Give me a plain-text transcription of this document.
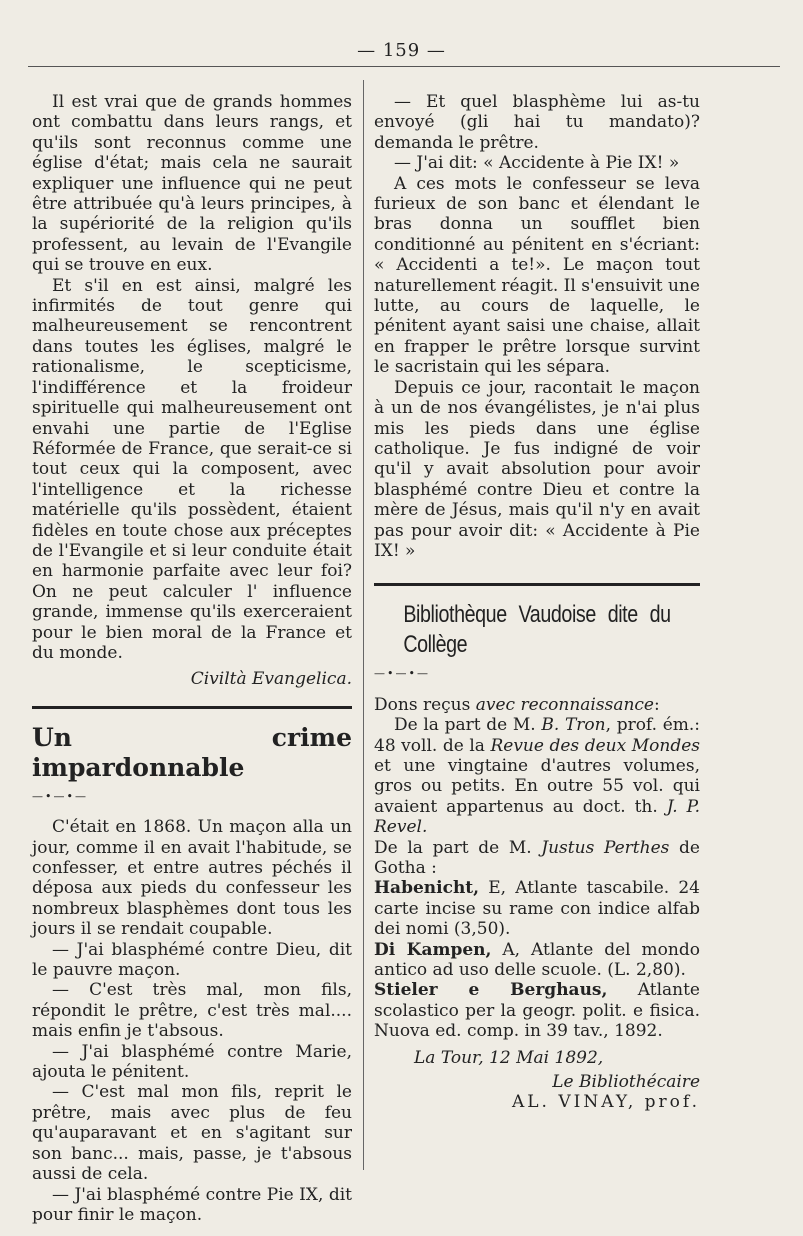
— 159 —

Il est vrai que de grands hommes ont combattu dans leurs rangs, et qu'ils sont reconnus comme une église d'état; mais cela ne saurait expliquer une influence qui ne peut être attribuée qu'à leurs principes, à la supériorité de la religion qu'ils professent, au levain de l'Evangile qui se trouve en eux.

Et s'il en est ainsi, malgré les infirmités de tout genre qui malheureusement se rencontrent dans toutes les églises, malgré le rationalisme, le scepticisme, l'indifférence et la froideur spirituelle qui malheureusement ont envahi une partie de l'Eglise Réformée de France, que serait-ce si tout ceux qui la composent, avec l'intelligence et la richesse matérielle qu'ils possèdent, étaient fidèles en toute chose aux préceptes de l'Evangile et si leur conduite était en harmonie parfaite avec leur foi? On ne peut calculer l' influence grande, immense qu'ils exerceraient pour le bien moral de la France et du monde.

Civiltà Evangelica.

Un crime impardonnable

—•—•—

C'était en 1868. Un maçon alla un jour, comme il en avait l'habitude, se confesser, et entre autres péchés il déposa aux pieds du confesseur les nombreux blasphèmes dont tous les jours il se rendait coupable.

— J'ai blasphémé contre Dieu, dit le pauvre maçon.

— C'est très mal, mon fils, répondit le prêtre, c'est très mal.... mais enfin je t'absous.

— J'ai blasphémé contre Marie, ajouta le pénitent.

— C'est mal mon fils, reprit le prêtre, mais avec plus de feu qu'auparavant et en s'agitant sur son banc... mais, passe, je t'absous aussi de cela.

— J'ai blasphémé contre Pie IX, dit pour finir le maçon.

— Et quel blasphème lui as-tu envoyé (gli hai tu mandato)? demanda le prêtre.

— J'ai dit: « Accidente à Pie IX! »

A ces mots le confesseur se leva furieux de son banc et élendant le bras donna un soufflet bien conditionné au pénitent en s'écriant: « Accidenti a te!». Le maçon tout naturellement réagit. Il s'ensuivit une lutte, au cours de laquelle, le pénitent ayant saisi une chaise, allait en frapper le prêtre lorsque survint le sacristain qui les sépara.

Depuis ce jour, racontait le maçon à un de nos évangélistes, je n'ai plus mis les pieds dans une église catholique. Je fus indigné de voir qu'il y avait absolution pour avoir blasphémé contre Dieu et contre la mère de Jésus, mais qu'il n'y en avait pas pour avoir dit: « Accidente à Pie IX! »

Bibliothèque Vaudoise dite du Collège

—•—•—

Dons reçus avec reconnaissance:

De la part de M. B. Tron, prof. ém.: 48 voll. de la Revue des deux Mondes et une vingtaine d'autres volumes, gros ou petits. En outre 55 vol. qui avaient appartenus au doct. th. J. P. Revel.

De la part de M. Justus Perthes de Gotha :

Habenicht, E, Atlante tascabile. 24 carte incise su rame con indice alfab dei nomi (3,50).

Di Kampen, A, Atlante del mondo antico ad uso delle scuole. (L. 2,80).

Stieler e Berghaus, Atlante scolastico per la geogr. polit. e fisica. Nuova ed. comp. in 39 tav., 1892.

La Tour, 12 Mai 1892,

Le Bibliothécaire

AL. VINAY, prof.
